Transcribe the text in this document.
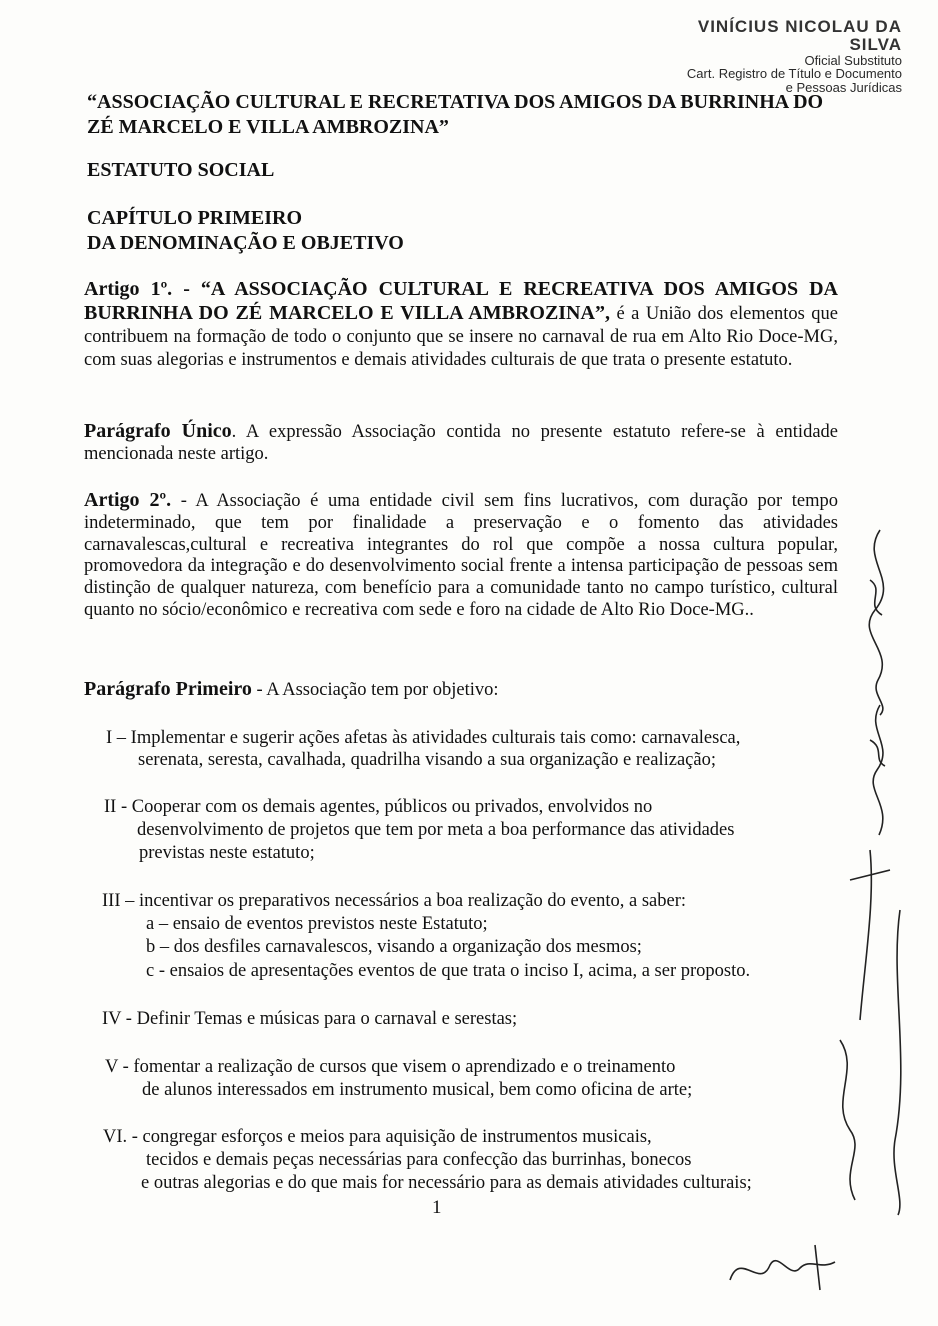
VINÍCIUS NICOLAU DA SILVA
Oficial Substituto
Cart. Registro de Título e Documento
e Pessoas Jurídicas
“ASSOCIAÇÃO CULTURAL E RECRETATIVA DOS AMIGOS DA BURRINHA DO ZÉ MARCELO E VILLA AMBROZINA”
ESTATUTO SOCIAL
CAPÍTULO PRIMEIRO
DA DENOMINAÇÃO E OBJETIVO
Artigo 1º. - “A ASSOCIAÇÃO CULTURAL E RECREATIVA DOS AMIGOS DA BURRINHA DO ZÉ MARCELO E VILLA AMBROZINA”, é a União dos elementos que contribuem na formação de todo o conjunto que se insere no carnaval de rua em Alto Rio Doce-MG, com suas alegorias e instrumentos e demais atividades culturais de que trata o presente estatuto.
Parágrafo Único. A expressão Associação contida no presente estatuto refere-se à entidade mencionada neste artigo.
Artigo 2º. - A Associação é uma entidade civil sem fins lucrativos, com duração por tempo indeterminado, que tem por finalidade a preservação e o fomento das atividades carnavalescas,cultural e recreativa integrantes do rol que compõe a nossa cultura popular, promovedora da integração e do desenvolvimento social frente a intensa participação de pessoas sem distinção de qualquer natureza, com benefício para a comunidade tanto no campo turístico, cultural quanto no sócio/econômico e recreativa com sede e foro na cidade de Alto Rio Doce-MG..
Parágrafo Primeiro - A Associação tem por objetivo:
I – Implementar e sugerir ações afetas às atividades culturais tais como: carnavalesca,
serenata, seresta, cavalhada, quadrilha visando a sua organização e realização;
II - Cooperar com os demais agentes, públicos ou privados, envolvidos no
desenvolvimento de projetos que tem por meta a boa performance das atividades
previstas neste estatuto;
III – incentivar os preparativos necessários a boa realização do evento, a saber:
a – ensaio de eventos previstos neste Estatuto;
b – dos desfiles carnavalescos, visando a organização dos mesmos;
c - ensaios de apresentações eventos de que trata o inciso I, acima, a ser proposto.
IV - Definir Temas e músicas para o carnaval e serestas;
V - fomentar a realização de cursos que visem o aprendizado e o treinamento
de alunos interessados em instrumento musical, bem como oficina de arte;
VI. - congregar esforços e meios para aquisição de instrumentos musicais,
tecidos e demais peças necessárias para confecção das burrinhas, bonecos
e outras alegorias e do que mais for necessário para as demais atividades culturais;
1
